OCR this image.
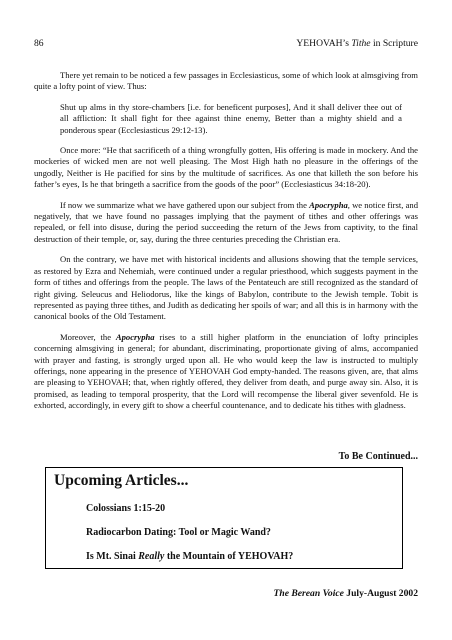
86	YEHOVAH’s Tithe in Scripture

There yet remain to be noticed a few passages in Ecclesiasticus, some of which look at almsgiving from quite a lofty point of view. Thus:

Shut up alms in thy store-chambers [i.e. for beneficent purposes], And it shall deliver thee out of all affliction: It shall fight for thee against thine enemy, Better than a mighty shield and a ponderous spear (Ecclesiasticus 29:12-13).

Once more: “He that sacrificeth of a thing wrongfully gotten, His offering is made in mockery. And the mockeries of wicked men are not well pleasing. The Most High hath no pleasure in the offerings of the ungodly, Neither is He pacified for sins by the multitude of sacrifices. As one that killeth the son before his father’s eyes, Is he that bringeth a sacrifice from the goods of the poor” (Ecclesiasticus 34:18-20).

If now we summarize what we have gathered upon our subject from the Apocrypha, we notice first, and negatively, that we have found no passages implying that the payment of tithes and other offerings was repealed, or fell into disuse, during the period succeeding the return of the Jews from captivity, to the final destruction of their temple, or, say, during the three centuries preceding the Christian era.

On the contrary, we have met with historical incidents and allusions showing that the temple services, as restored by Ezra and Nehemiah, were continued under a regular priesthood, which suggests payment in the form of tithes and offerings from the people. The laws of the Pentateuch are still recognized as the standard of right giving. Seleucus and Heliodorus, like the kings of Babylon, contribute to the Jewish temple. Tobit is represented as paying three tithes, and Judith as dedicating her spoils of war; and all this is in harmony with the canonical books of the Old Testament.

Moreover, the Apocrypha rises to a still higher platform in the enunciation of lofty principles concerning almsgiving in general; for abundant, discriminating, proportionate giving of alms, accompanied with prayer and fasting, is strongly urged upon all. He who would keep the law is instructed to multiply offerings, none appearing in the presence of YEHOVAH God empty-handed. The reasons given, are, that alms are pleasing to YEHOVAH; that, when rightly offered, they deliver from death, and purge away sin. Also, it is promised, as leading to temporal prosperity, that the Lord will recompense the liberal giver sevenfold. He is exhorted, accordingly, in every gift to show a cheerful countenance, and to dedicate his tithes with gladness.

To Be Continued...
Upcoming Articles...
Colossians 1:15-20
Radiocarbon Dating: Tool or Magic Wand?
Is Mt. Sinai Really the Mountain of YEHOVAH?
The Berean Voice July-August 2002
